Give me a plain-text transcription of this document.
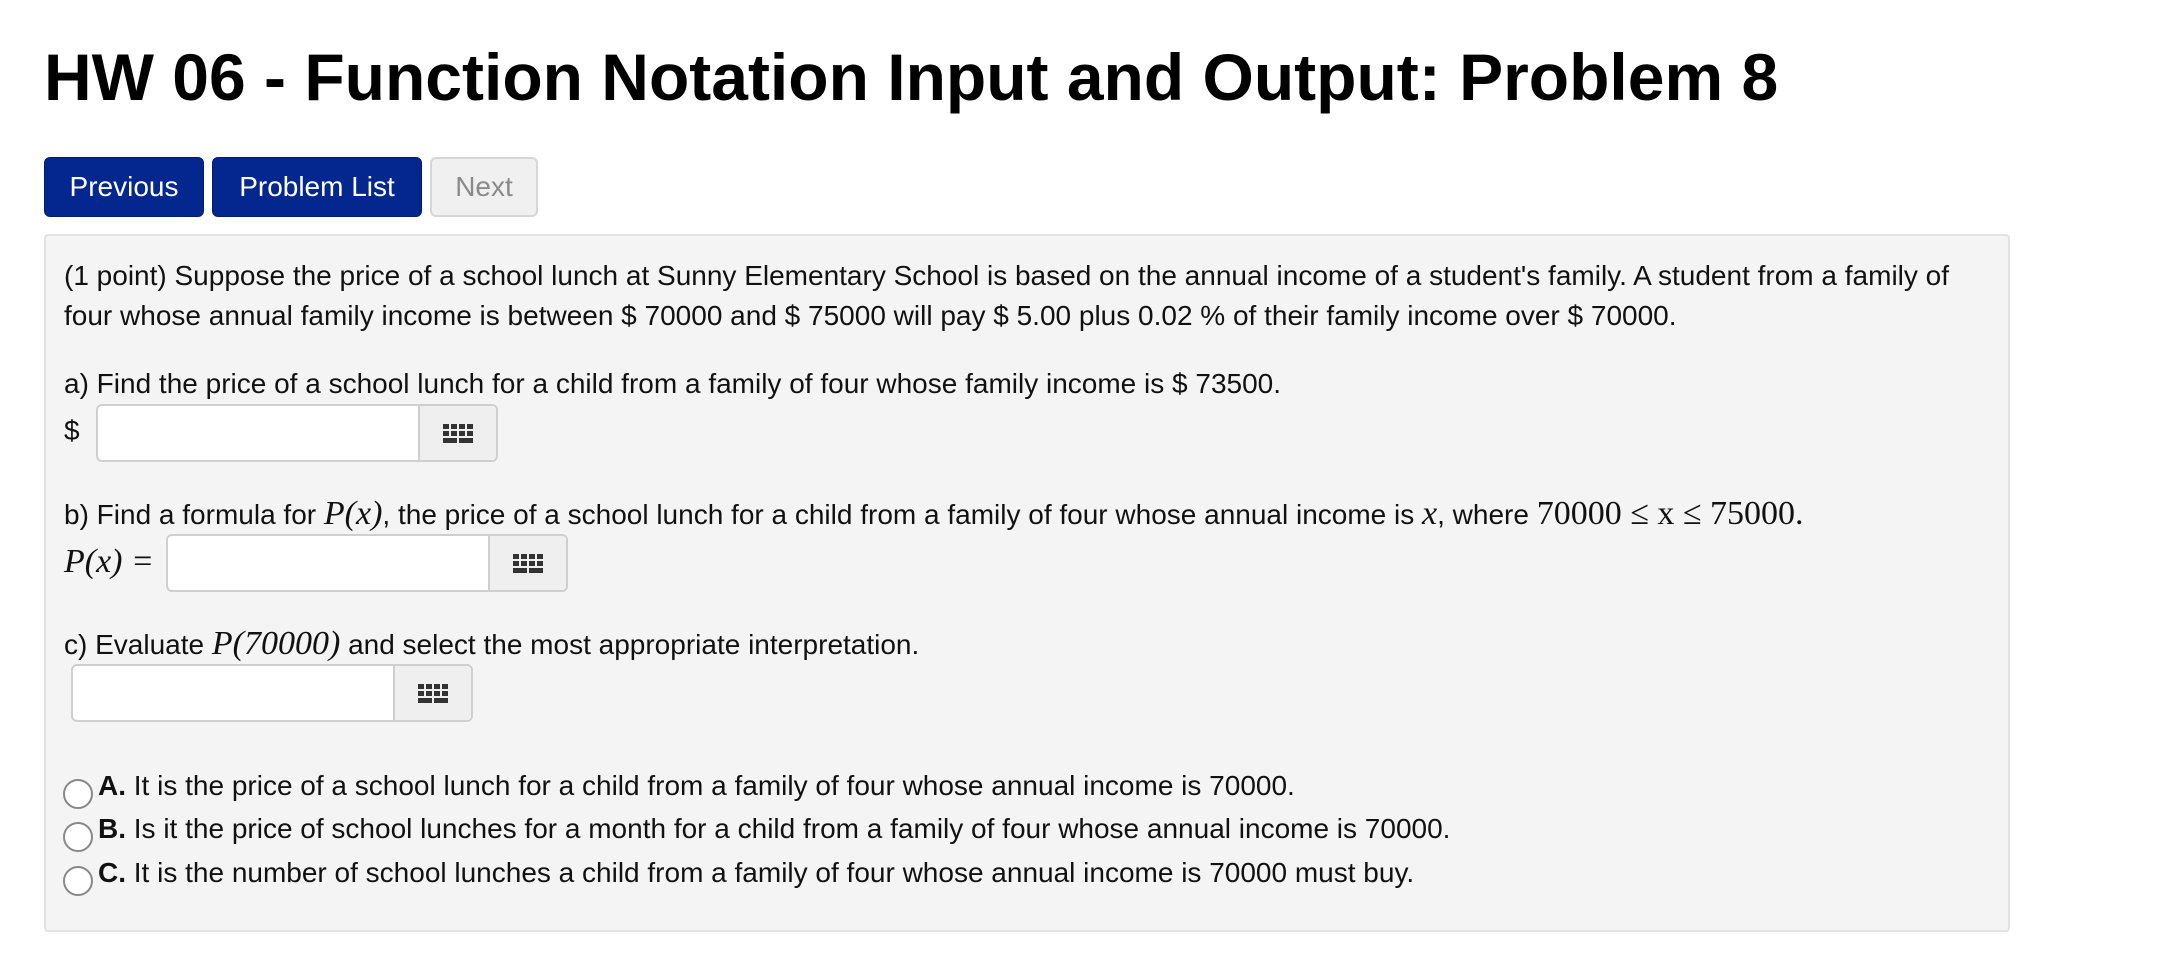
HW 06 - Function Notation Input and Output: Problem 8
Previous	Problem List	Next
(1 point) Suppose the price of a school lunch at Sunny Elementary School is based on the annual income of a student's family. A student from a family of
four whose annual family income is between $ 70000 and $ 75000 will pay $ 5.00 plus 0.02 % of their family income over $ 70000.
a) Find the price of a school lunch for a child from a family of four whose family income is $ 73500.
$
b) Find a formula for P(x), the price of a school lunch for a child from a family of four whose annual income is x, where 70000 ≤ x ≤ 75000.
P(x) =
c) Evaluate P(70000) and select the most appropriate interpretation.
A. It is the price of a school lunch for a child from a family of four whose annual income is 70000.
B. Is it the price of school lunches for a month for a child from a family of four whose annual income is 70000.
C. It is the number of school lunches a child from a family of four whose annual income is 70000 must buy.
